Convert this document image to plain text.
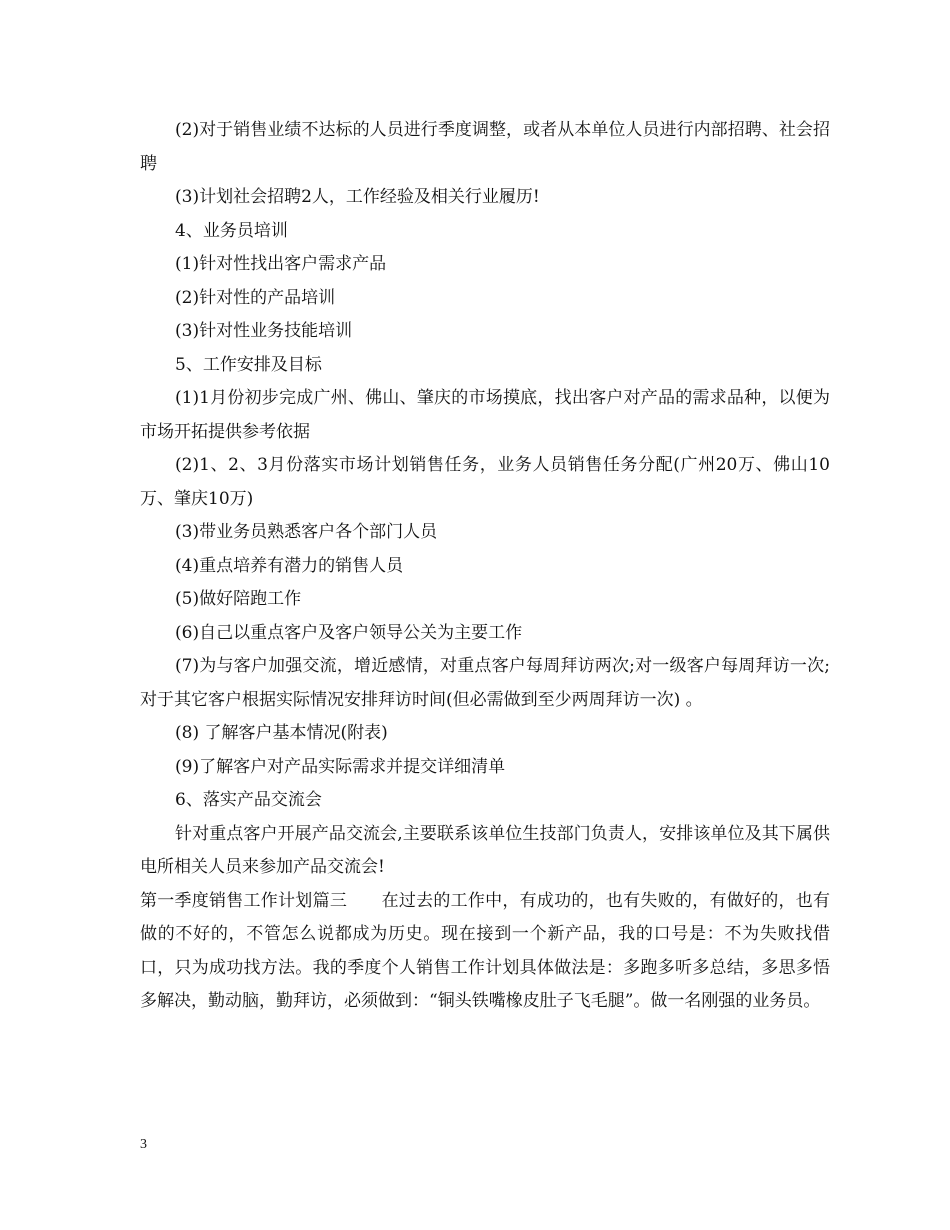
(2)对于销售业绩不达标的人员进行季度调整，或者从本单位人员进行内部招聘、社会招聘

(3)计划社会招聘2人，工作经验及相关行业履历!

4、业务员培训

(1)针对性找出客户需求产品

(2)针对性的产品培训

(3)针对性业务技能培训

5、工作安排及目标

(1)1月份初步完成广州、佛山、肇庆的市场摸底，找出客户对产品的需求品种，以便为市场开拓提供参考依据

(2)1、2、3月份落实市场计划销售任务，业务人员销售任务分配(广州20万、佛山10万、肇庆10万)

(3)带业务员熟悉客户各个部门人员

(4)重点培养有潜力的销售人员

(5)做好陪跑工作

(6)自己以重点客户及客户领导公关为主要工作

(7)为与客户加强交流，增近感情，对重点客户每周拜访两次;对一级客户每周拜访一次;对于其它客户根据实际情况安排拜访时间(但必需做到至少两周拜访一次) 。

(8) 了解客户基本情况(附表)

(9)了解客户对产品实际需求并提交详细清单

6、落实产品交流会

针对重点客户开展产品交流会,主要联系该单位生技部门负责人，安排该单位及其下属供电所相关人员来参加产品交流会!

第一季度销售工作计划篇三　　在过去的工作中，有成功的，也有失败的，有做好的，也有做的不好的，不管怎么说都成为历史。现在接到一个新产品，我的口号是：不为失败找借口，只为成功找方法。我的季度个人销售工作计划具体做法是：多跑多听多总结，多思多悟多解决，勤动脑，勤拜访，必须做到：“铜头铁嘴橡皮肚子飞毛腿”。做一名刚强的业务员。

3
